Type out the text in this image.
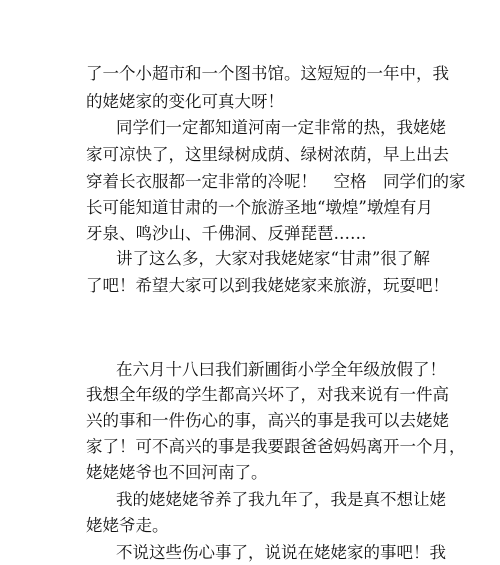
了一个小超市和一个图书馆。这短短的一年中，我
的姥姥家的变化可真大呀！
同学们一定都知道河南一定非常的热，我姥姥
家可凉快了，这里绿树成荫、绿树浓荫，早上出去
穿着长衣服都一定非常的冷呢！　空格　同学们的家
长可能知道甘肃的一个旅游圣地“墩煌”墩煌有月
牙泉、鸣沙山、千佛洞、反弹琵琶……
讲了这么多，大家对我姥姥家“甘肃”很了解
了吧！希望大家可以到我姥姥家来旅游，玩耍吧！
在六月十八曰我们新圃街小学全年级放假了！
我想全年级的学生都高兴坏了，对我来说有一件高
兴的事和一件伤心的事，高兴的事是我可以去姥姥
家了！可不高兴的事是我要跟爸爸妈妈离开一个月，
姥姥姥爷也不回河南了。
我的姥姥姥爷养了我九年了，我是真不想让姥
姥姥爷走。
不说这些伤心事了，说说在姥姥家的事吧！我
